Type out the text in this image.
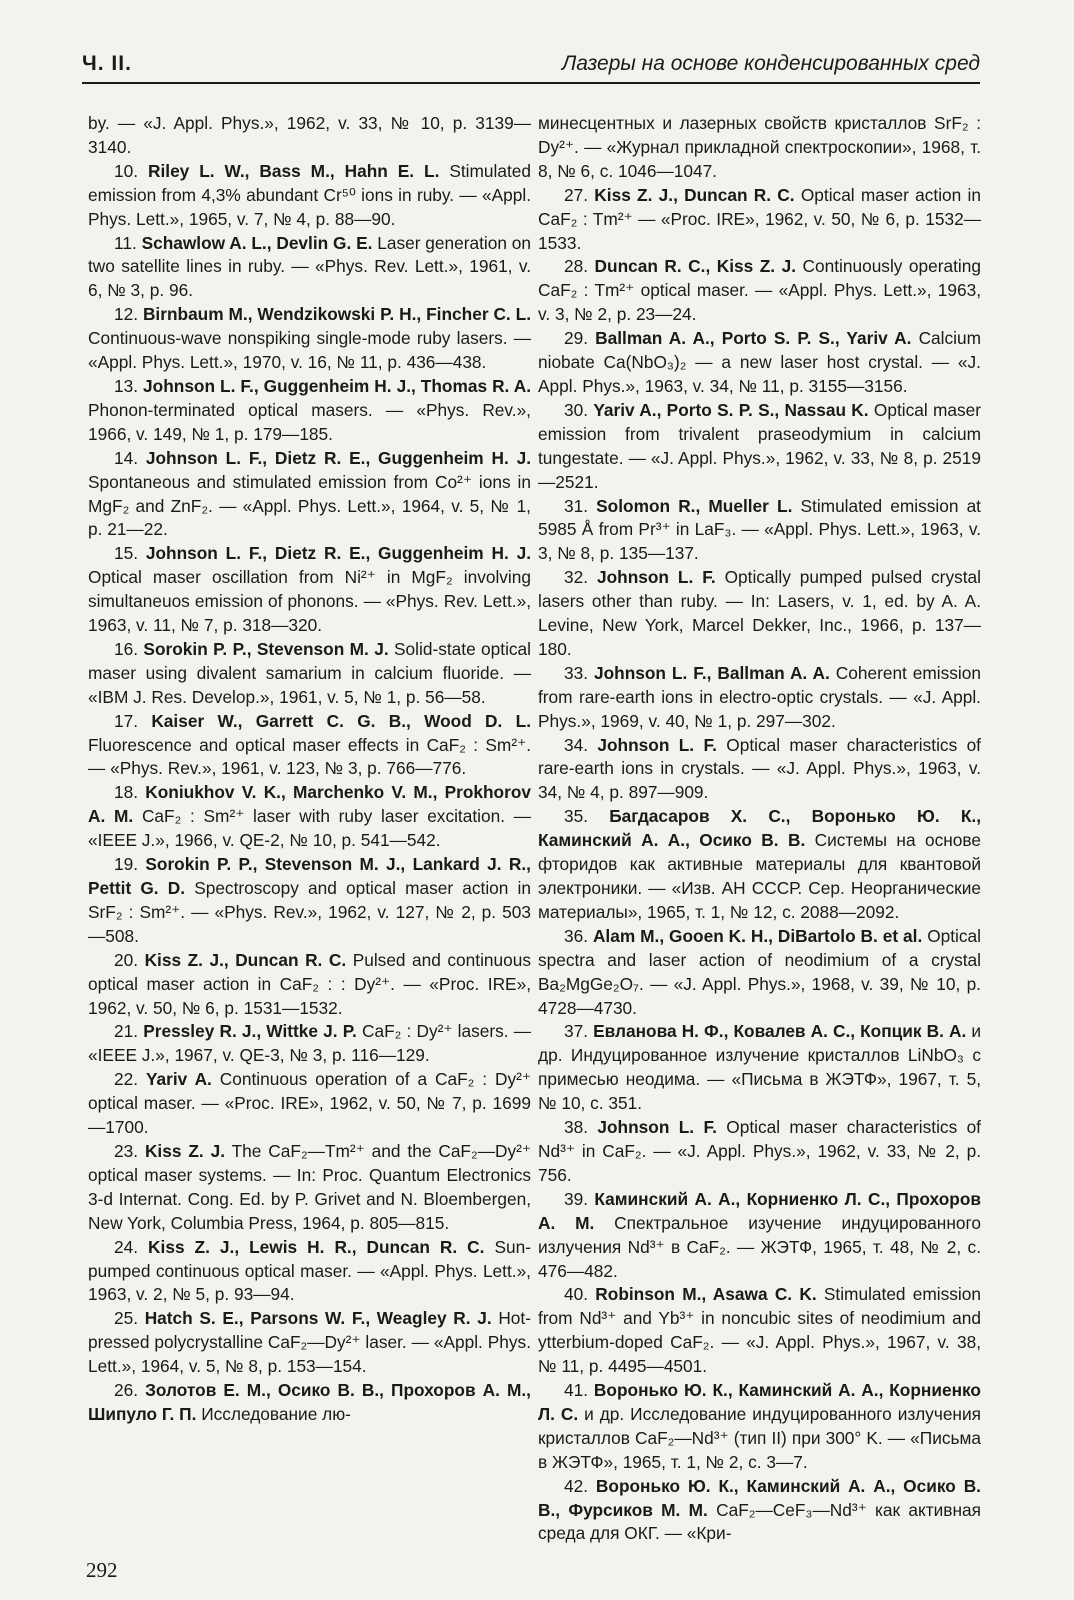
Ч. II.	Лазеры на основе конденсированных сред

by. — «J. Appl. Phys.», 1962, v. 33, № 10, p. 3139—3140.

10. Riley L. W., Bass M., Hahn E. L. Stimulated emission from 4,3% abundant Cr⁵⁰ ions in ruby. — «Appl. Phys. Lett.», 1965, v. 7, № 4, p. 88—90.

11. Schawlow A. L., Devlin G. E. Laser generation on two satellite lines in ruby. — «Phys. Rev. Lett.», 1961, v. 6, № 3, p. 96.

12. Birnbaum M., Wendzikowski P. H., Fincher C. L. Continuous-wave nonspiking single-mode ruby lasers. — «Appl. Phys. Lett.», 1970, v. 16, № 11, p. 436—438.

13. Johnson L. F., Guggenheim H. J., Thomas R. A. Phonon-terminated optical masers. — «Phys. Rev.», 1966, v. 149, № 1, p. 179—185.

14. Johnson L. F., Dietz R. E., Guggenheim H. J. Spontaneous and stimulated emission from Co²⁺ ions in MgF₂ and ZnF₂. — «Appl. Phys. Lett.», 1964, v. 5, № 1, p. 21—22.

15. Johnson L. F., Dietz R. E., Guggenheim H. J. Optical maser oscillation from Ni²⁺ in MgF₂ involving simultaneuos emission of phonons. — «Phys. Rev. Lett.», 1963, v. 11, № 7, p. 318—320.

16. Sorokin P. P., Stevenson M. J. Solid-state optical maser using divalent samarium in calcium fluoride. — «IBM J. Res. Develop.», 1961, v. 5, № 1, p. 56—58.

17. Kaiser W., Garrett C. G. B., Wood D. L. Fluorescence and optical maser effects in CaF₂ : Sm²⁺. — «Phys. Rev.», 1961, v. 123, № 3, p. 766—776.

18. Koniukhov V. K., Marchenko V. M., Prokhorov A. M. CaF₂ : Sm²⁺ laser with ruby laser excitation. — «IEEE J.», 1966, v. QE-2, № 10, p. 541—542.

19. Sorokin P. P., Stevenson M. J., Lankard J. R., Pettit G. D. Spectroscopy and optical maser action in SrF₂ : Sm²⁺. — «Phys. Rev.», 1962, v. 127, № 2, p. 503—508.

20. Kiss Z. J., Duncan R. C. Pulsed and continuous optical maser action in CaF₂ : : Dy²⁺. — «Proc. IRE», 1962, v. 50, № 6, p. 1531—1532.

21. Pressley R. J., Wittke J. P. CaF₂ : Dy²⁺ lasers. — «IEEE J.», 1967, v. QE-3, № 3, p. 116—129.

22. Yariv A. Continuous operation of a CaF₂ : Dy²⁺ optical maser. — «Proc. IRE», 1962, v. 50, № 7, p. 1699—1700.

23. Kiss Z. J. The CaF₂—Tm²⁺ and the CaF₂—Dy²⁺ optical maser systems. — In: Proc. Quantum Electronics 3-d Internat. Cong. Ed. by P. Grivet and N. Bloembergen, New York, Columbia Press, 1964, p. 805—815.

24. Kiss Z. J., Lewis H. R., Duncan R. C. Sun-pumped continuous optical maser. — «Appl. Phys. Lett.», 1963, v. 2, № 5, p. 93—94.

25. Hatch S. E., Parsons W. F., Weagley R. J. Hot-pressed polycrystalline CaF₂—Dy²⁺ laser. — «Appl. Phys. Lett.», 1964, v. 5, № 8, p. 153—154.

26. Золотов Е. М., Осико В. В., Прохоров А. М., Шипуло Г. П. Исследование лю-

минесцентных и лазерных свойств кристаллов SrF₂ : Dy²⁺. — «Журнал прикладной спектроскопии», 1968, т. 8, № 6, с. 1046—1047.

27. Kiss Z. J., Duncan R. C. Optical maser action in CaF₂ : Tm²⁺ — «Proc. IRE», 1962, v. 50, № 6, p. 1532—1533.

28. Duncan R. C., Kiss Z. J. Continuously operating CaF₂ : Tm²⁺ optical maser. — «Appl. Phys. Lett.», 1963, v. 3, № 2, p. 23—24.

29. Ballman A. A., Porto S. P. S., Yariv A. Calcium niobate Ca(NbO₃)₂ — a new laser host crystal. — «J. Appl. Phys.», 1963, v. 34, № 11, p. 3155—3156.

30. Yariv A., Porto S. P. S., Nassau K. Optical maser emission from trivalent praseodymium in calcium tungestate. — «J. Appl. Phys.», 1962, v. 33, № 8, p. 2519—2521.

31. Solomon R., Mueller L. Stimulated emission at 5985 Å from Pr³⁺ in LaF₃. — «Appl. Phys. Lett.», 1963, v. 3, № 8, p. 135—137.

32. Johnson L. F. Optically pumped pulsed crystal lasers other than ruby. — In: Lasers, v. 1, ed. by A. A. Levine, New York, Marcel Dekker, Inc., 1966, p. 137—180.

33. Johnson L. F., Ballman A. A. Coherent emission from rare-earth ions in electro-optic crystals. — «J. Appl. Phys.», 1969, v. 40, № 1, p. 297—302.

34. Johnson L. F. Optical maser characteristics of rare-earth ions in crystals. — «J. Appl. Phys.», 1963, v. 34, № 4, p. 897—909.

35. Багдасаров Х. С., Воронько Ю. К., Каминский А. А., Осико В. В. Системы на основе фторидов как активные материалы для квантовой электроники. — «Изв. АН СССР. Сер. Неорганические материалы», 1965, т. 1, № 12, с. 2088—2092.

36. Alam M., Gooen K. H., DiBartolo B. et al. Optical spectra and laser action of neodimium of a crystal Ba₂MgGe₂O₇. — «J. Appl. Phys.», 1968, v. 39, № 10, p. 4728—4730.

37. Евланова Н. Ф., Ковалев А. С., Копцик В. А. и др. Индуцированное излучение кристаллов LiNbO₃ с примесью неодима. — «Письма в ЖЭТФ», 1967, т. 5, № 10, с. 351.

38. Johnson L. F. Optical maser characteristics of Nd³⁺ in CaF₂. — «J. Appl. Phys.», 1962, v. 33, № 2, p. 756.

39. Каминский А. А., Корниенко Л. С., Прохоров А. М. Спектральное изучение индуцированного излучения Nd³⁺ в CaF₂. — ЖЭТФ, 1965, т. 48, № 2, с. 476—482.

40. Robinson M., Asawa C. K. Stimulated emission from Nd³⁺ and Yb³⁺ in noncubic sites of neodimium and ytterbium-doped CaF₂. — «J. Appl. Phys.», 1967, v. 38, № 11, p. 4495—4501.

41. Воронько Ю. К., Каминский А. А., Корниенко Л. С. и др. Исследование индуцированного излучения кристаллов CaF₂—Nd³⁺ (тип II) при 300° K. — «Письма в ЖЭТФ», 1965, т. 1, № 2, с. 3—7.

42. Воронько Ю. К., Каминский А. А., Осико В. В., Фурсиков М. М. CaF₂—CeF₃—Nd³⁺ как активная среда для ОКГ. — «Кри-

292
